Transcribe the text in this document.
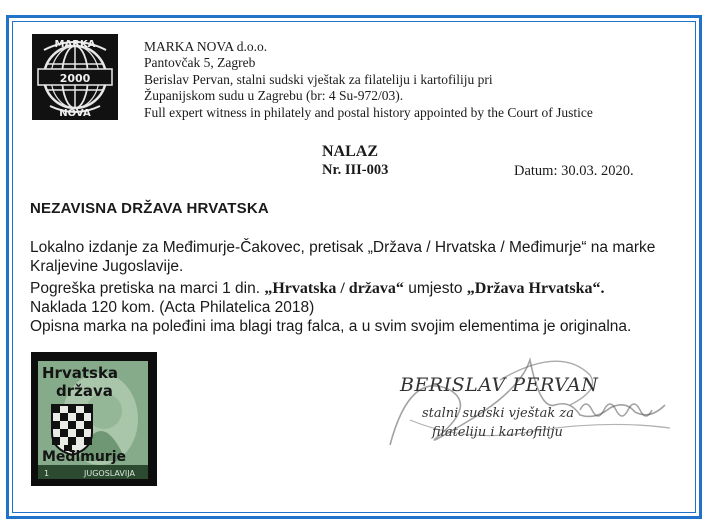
MARKA
2000
NOVA
MARKA NOVA d.o.o.
Pantovčak 5, Zagreb
Berislav Pervan, stalni sudski vještak za filateliju i kartofiliju pri
Županijskom sudu u Zagrebu (br: 4 Su-972/03).
Full expert witness in philately and postal history appointed by the Court of Justice
NALAZ
Nr. III-003	Datum: 30.03. 2020.
NEZAVISNA DRŽAVA HRVATSKA
Lokalno izdanje za Međimurje-Čakovec, pretisak „Država / Hrvatska / Međimurje“ na marke
Kraljevine Jugoslavije.
Pogreška pretiska na marci 1 din. „Hrvatska / država“ umjesto „Država Hrvatska“.
Naklada 120 kom. (Acta Philatelica 2018)
Opisna marka na poleđini ima blagi trag falca, a u svim svojim elementima je originalna.
1	JUGOSLAVIJA
Hrvatska
država
Međimurje
BERISLAV PERVAN
stalni sudski vještak za
filateliju i kartofiliju
